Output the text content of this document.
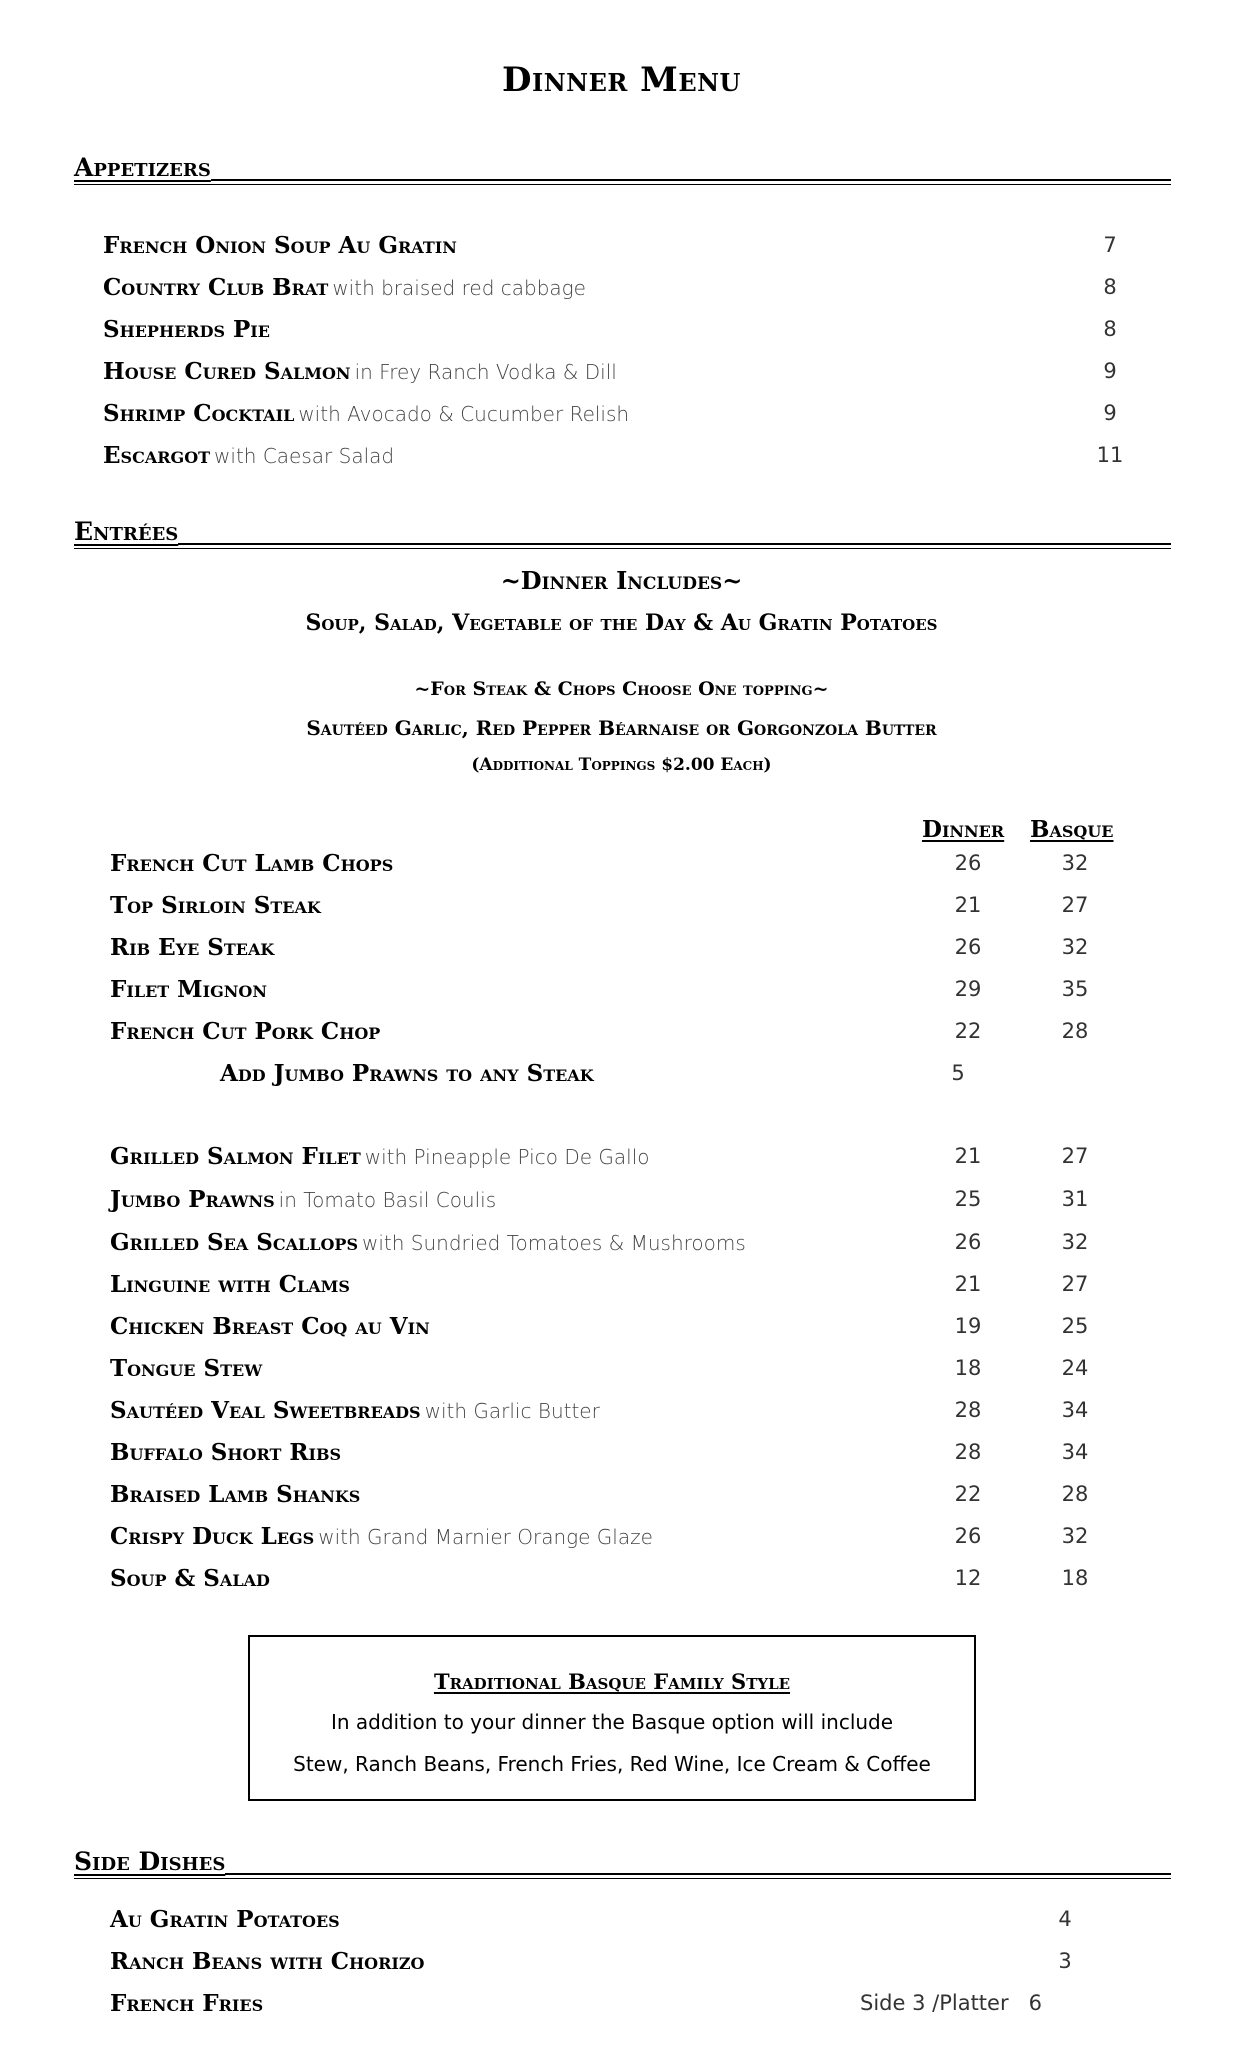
Dinner Menu
Appetizers
French Onion Soup Au Gratin	7
Country Club Brat with braised red cabbage	8
Shepherds Pie	8
House Cured Salmon in Frey Ranch Vodka & Dill	9
Shrimp Cocktail with Avocado & Cucumber Relish	9
Escargot with Caesar Salad	11
Entrées
~Dinner Includes~
Soup, Salad, Vegetable of the Day & Au Gratin Potatoes
~For Steak & Chops Choose One topping~
Sautéed Garlic, Red Pepper Béarnaise or Gorgonzola Butter
(Additional Toppings $2.00 Each)
Dinner Basque
French Cut Lamb Chops	26	32
Top Sirloin Steak	21	27
Rib Eye Steak	26	32
Filet Mignon	29	35
French Cut Pork Chop	22	28
Add Jumbo Prawns to any Steak	5
Grilled Salmon Filet with Pineapple Pico De Gallo	21	27
Jumbo Prawns in Tomato Basil Coulis	25	31
Grilled Sea Scallops with Sundried Tomatoes & Mushrooms	26	32
Linguine with Clams	21	27
Chicken Breast Coq au Vin	19	25
Tongue Stew	18	24
Sautéed Veal Sweetbreads with Garlic Butter	28	34
Buffalo Short Ribs	28	34
Braised Lamb Shanks	22	28
Crispy Duck Legs with Grand Marnier Orange Glaze	26	32
Soup & Salad	12	18
Traditional Basque Family Style
In addition to your dinner the Basque option will include
Stew, Ranch Beans, French Fries, Red Wine, Ice Cream & Coffee
Side Dishes
Au Gratin Potatoes	4
Ranch Beans with Chorizo	3
French Fries	Side 3 /Platter   6
